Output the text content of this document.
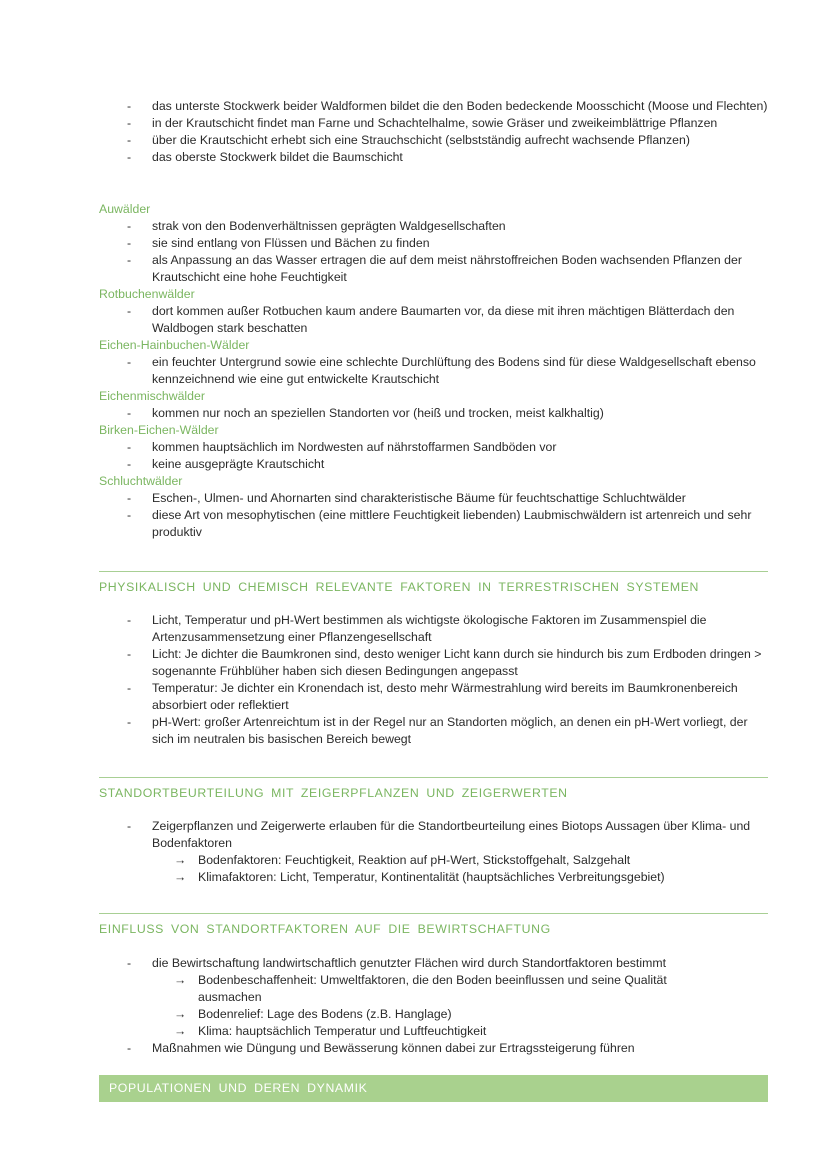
- das unterste Stockwerk beider Waldformen bildet die den Boden bedeckende Moosschicht (Moose und Flechten)
- in der Krautschicht findet man Farne und Schachtelhalme, sowie Gräser und zweikeimblättrige Pflanzen
- über die Krautschicht erhebt sich eine Strauchschicht (selbstständig aufrecht wachsende Pflanzen)
- das oberste Stockwerk bildet die Baumschicht
Auwälder
- strak von den Bodenverhältnissen geprägten Waldgesellschaften
- sie sind entlang von Flüssen und Bächen zu finden
- als Anpassung an das Wasser ertragen die auf dem meist nährstoffreichen Boden wachsenden Pflanzen der Krautschicht eine hohe Feuchtigkeit
Rotbuchenwälder
- dort kommen außer Rotbuchen kaum andere Baumarten vor, da diese mit ihren mächtigen Blätterdach den Waldbogen stark beschatten
Eichen-Hainbuchen-Wälder
- ein feuchter Untergrund sowie eine schlechte Durchlüftung des Bodens sind für diese Waldgesellschaft ebenso kennzeichnend wie eine gut entwickelte Krautschicht
Eichenmischwälder
- kommen nur noch an speziellen Standorten vor (heiß und trocken, meist kalkhaltig)
Birken-Eichen-Wälder
- kommen hauptsächlich im Nordwesten auf nährstoffarmen Sandböden vor
- keine ausgeprägte Krautschicht
Schluchtwälder
- Eschen-, Ulmen- und Ahornarten sind charakteristische Bäume für feuchtschattige Schluchtwälder
- diese Art von mesophytischen (eine mittlere Feuchtigkeit liebenden) Laubmischwäldern ist artenreich und sehr produktiv
PHYSIKALISCH UND CHEMISCH RELEVANTE FAKTOREN IN TERRESTRISCHEN SYSTEMEN
- Licht, Temperatur und pH-Wert bestimmen als wichtigste ökologische Faktoren im Zusammenspiel die Artenzusammensetzung einer Pflanzengesellschaft
- Licht: Je dichter die Baumkronen sind, desto weniger Licht kann durch sie hindurch bis zum Erdboden dringen > sogenannte Frühblüher haben sich diesen Bedingungen angepasst
- Temperatur: Je dichter ein Kronendach ist, desto mehr Wärmestrahlung wird bereits im Baumkronenbereich absorbiert oder reflektiert
- pH-Wert: großer Artenreichtum ist in der Regel nur an Standorten möglich, an denen ein pH-Wert vorliegt, der sich im neutralen bis basischen Bereich bewegt
STANDORTBEURTEILUNG MIT ZEIGERPFLANZEN UND ZEIGERWERTEN
- Zeigerpflanzen und Zeigerwerte erlauben für die Standortbeurteilung eines Biotops Aussagen über Klima- und Bodenfaktoren
→ Bodenfaktoren: Feuchtigkeit, Reaktion auf pH-Wert, Stickstoffgehalt, Salzgehalt
→ Klimafaktoren: Licht, Temperatur, Kontinentalität (hauptsächliches Verbreitungsgebiet)
EINFLUSS VON STANDORTFAKTOREN AUF DIE BEWIRTSCHAFTUNG
- die Bewirtschaftung landwirtschaftlich genutzter Flächen wird durch Standortfaktoren bestimmt
→ Bodenbeschaffenheit: Umweltfaktoren, die den Boden beeinflussen und seine Qualität ausmachen
→ Bodenrelief: Lage des Bodens (z.B. Hanglage)
→ Klima: hauptsächlich Temperatur und Luftfeuchtigkeit
- Maßnahmen wie Düngung und Bewässerung können dabei zur Ertragssteigerung führen
POPULATIONEN UND DEREN DYNAMIK
